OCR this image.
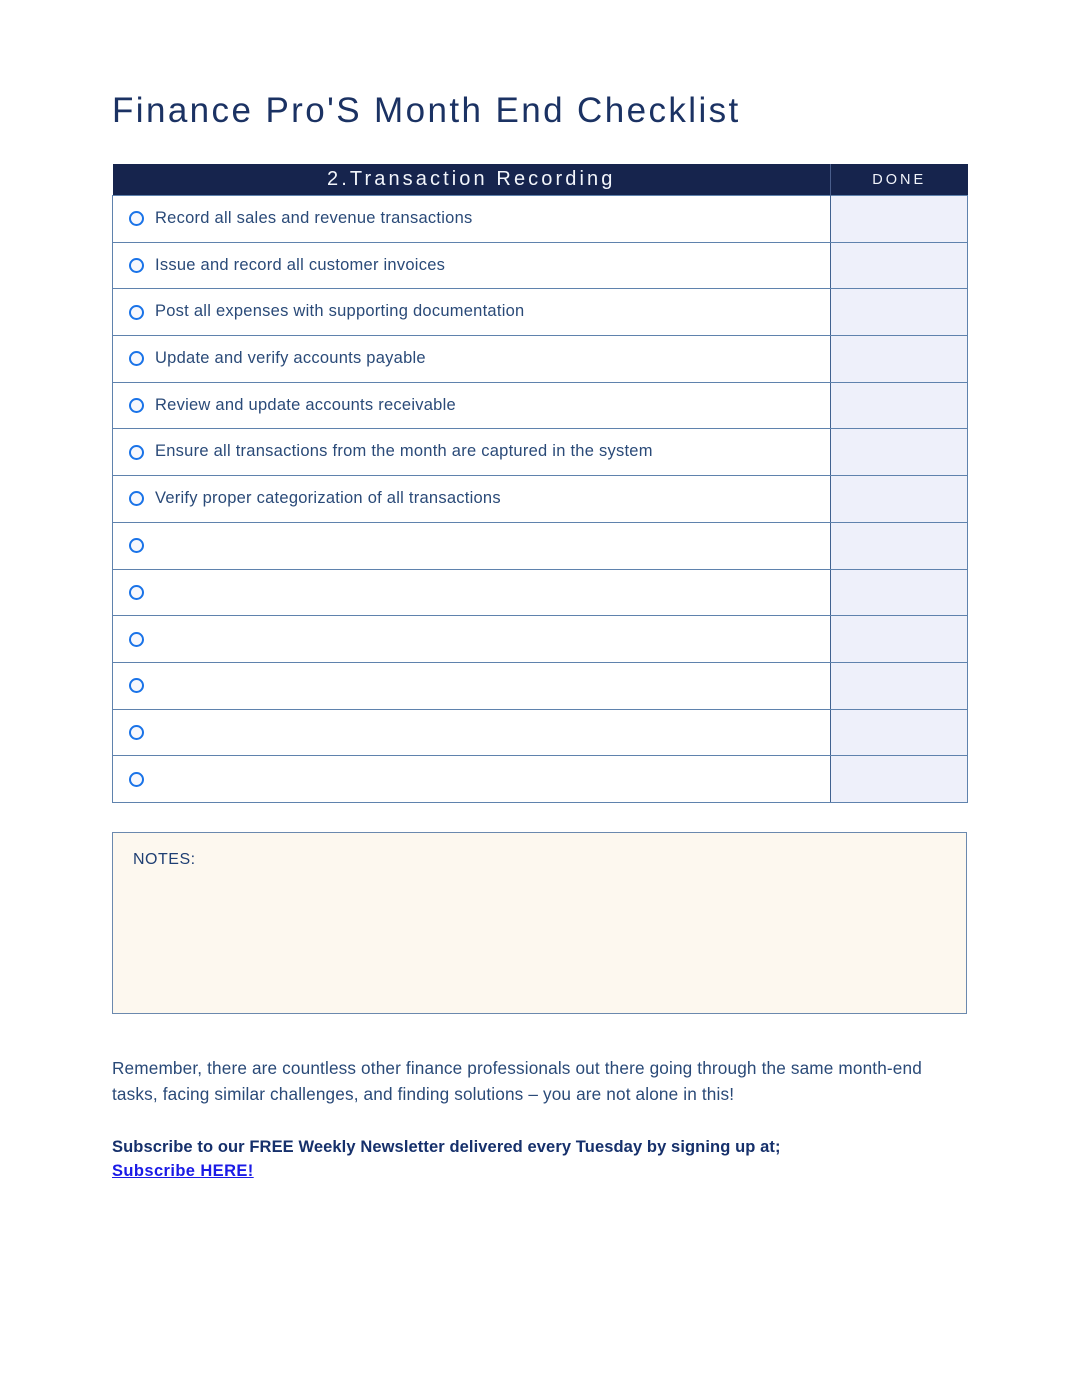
Finance Pro'S Month End Checklist
2.Transaction Recording	DONE

Record all sales and revenue transactions	

Issue and record all customer invoices	

Post all expenses with supporting documentation	

Update and verify accounts payable	

Review and update accounts receivable	

Ensure all transactions from the month are captured in the system	

Verify proper categorization of all transactions	

NOTES:

Remember, there are countless other finance professionals out there going through the same month-end tasks, facing similar challenges, and finding solutions – you are not alone in this!

Subscribe to our FREE Weekly Newsletter delivered every Tuesday by signing up at;

Subscribe HERE!
